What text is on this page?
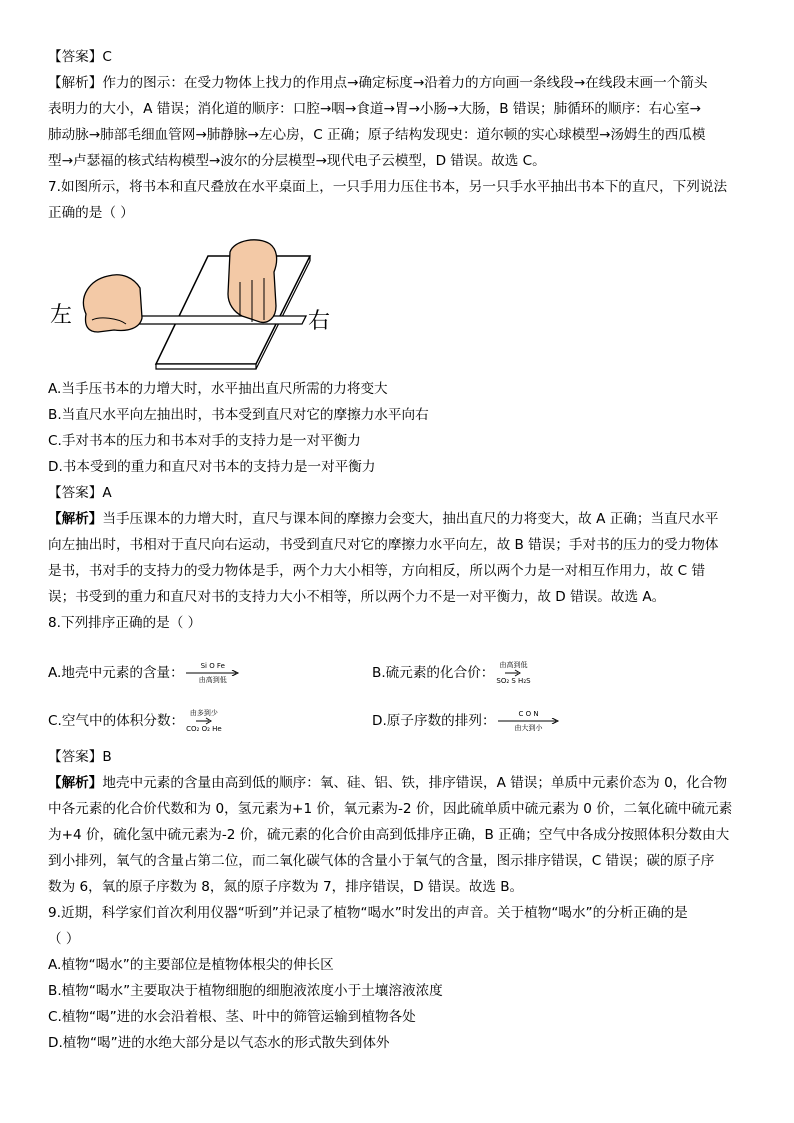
【答案】C
【解析】作力的图示：在受力物体上找力的作用点→确定标度→沿着力的方向画一条线段→在线段末画一个箭头
表明力的大小，A 错误；消化道的顺序：口腔→咽→食道→胃→小肠→大肠，B 错误；肺循环的顺序：右心室→
肺动脉→肺部毛细血管网→肺静脉→左心房，C 正确；原子结构发现史：道尔顿的实心球模型→汤姆生的西瓜模
型→卢瑟福的核式结构模型→波尔的分层模型→现代电子云模型，D 错误。故选 C。
7.如图所示，将书本和直尺叠放在水平桌面上，一只手用力压住书本，另一只手水平抽出书本下的直尺，下列说法
正确的是（ ）
左	右
A.当手压书本的力增大时，水平抽出直尺所需的力将变大
B.当直尺水平向左抽出时，书本受到直尺对它的摩擦力水平向右
C.手对书本的压力和书本对手的支持力是一对平衡力
D.书本受到的重力和直尺对书本的支持力是一对平衡力
【答案】A
【解析】当手压课本的力增大时，直尺与课本间的摩擦力会变大，抽出直尺的力将变大，故 A 正确；当直尺水平
向左抽出时，书相对于直尺向右运动，书受到直尺对它的摩擦力水平向左，故 B 错误；手对书的压力的受力物体
是书，书对手的支持力的受力物体是手，两个力大小相等，方向相反，所以两个力是一对相互作用力，故 C 错
误；书受到的重力和直尺对书的支持力大小不相等，所以两个力不是一对平衡力，故 D 错误。故选 A。
8.下列排序正确的是（ ）
A.地壳中元素的含量： Si O Fe
由高到低	B.硫元素的化合价： 由高到低
SO₂ S H₂S
C.空气中的体积分数： 由多到少
CO₂ O₂ He	D.原子序数的排列：	C O N
由大到小
【答案】B
【解析】地壳中元素的含量由高到低的顺序：氧、硅、铝、铁，排序错误，A 错误；单质中元素价态为 0，化合物
中各元素的化合价代数和为 0，氢元素为+1 价，氧元素为-2 价，因此硫单质中硫元素为 0 价，二氧化硫中硫元素
为+4 价，硫化氢中硫元素为-2 价，硫元素的化合价由高到低排序正确，B 正确；空气中各成分按照体积分数由大
到小排列，氧气的含量占第二位，而二氧化碳气体的含量小于氧气的含量，图示排序错误，C 错误；碳的原子序
数为 6，氧的原子序数为 8，氮的原子序数为 7，排序错误，D 错误。故选 B。
9.近期，科学家们首次利用仪器“听到”并记录了植物“喝水”时发出的声音。关于植物“喝水”的分析正确的是
（ ）
A.植物“喝水”的主要部位是植物体根尖的伸长区
B.植物“喝水”主要取决于植物细胞的细胞液浓度小于土壤溶液浓度
C.植物“喝”进的水会沿着根、茎、叶中的筛管运输到植物各处
D.植物“喝”进的水绝大部分是以气态水的形式散失到体外
